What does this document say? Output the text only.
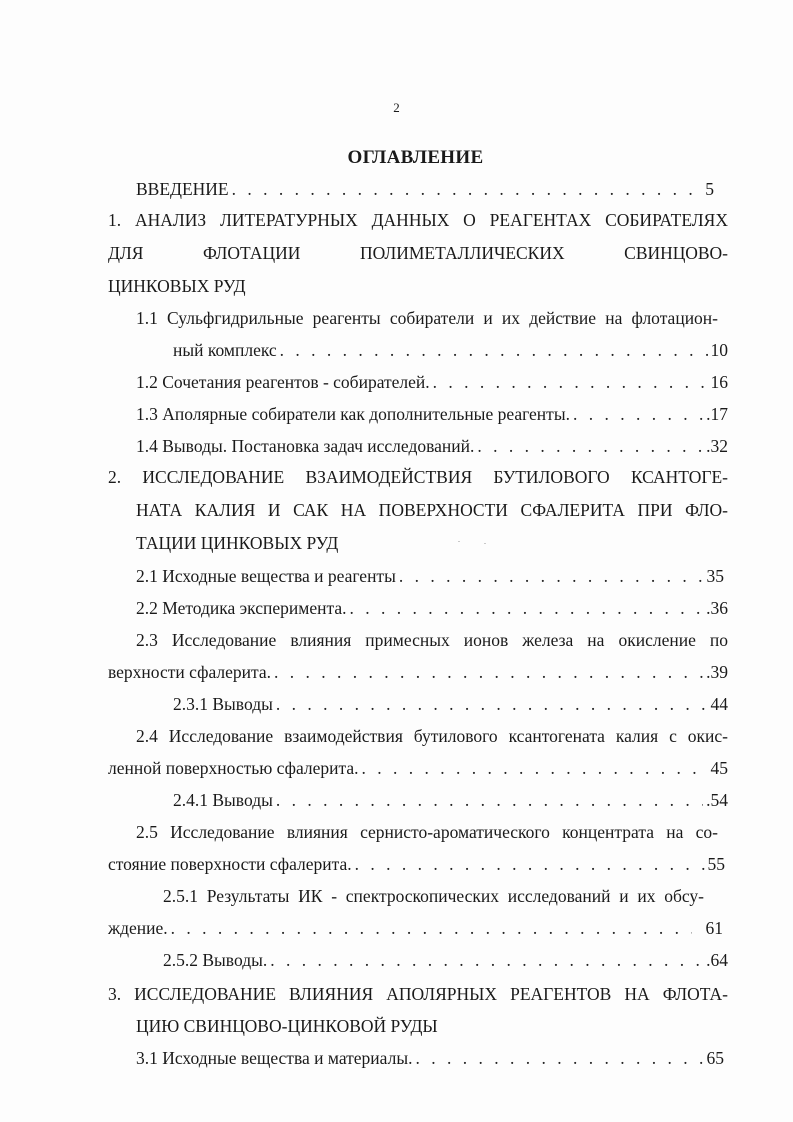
2
ОГЛАВЛЕНИЕ
ВВЕДЕНИЕ . . .	5
1. АНАЛИЗ ЛИТЕРАТУРНЫХ ДАННЫХ О РЕАГЕНТАХ СОБИРАТЕЛЯХ
ДЛЯ ФЛОТАЦИИ ПОЛИМЕТАЛЛИЧЕСКИХ СВИНЦОВО-
ЦИНКОВЫХ РУД
1.1 Сульфгидрильные реагенты собиратели и их действие на флотацион-
ный комплекс . . .	10
1.2 Сочетания реагентов - собирателей. . . .	16
1.3 Аполярные собиратели как дополнительные реагенты. . . .	.17
1.4 Выводы. Постановка задач исследований. . . .	.32
2. ИССЛЕДОВАНИЕ ВЗАИМОДЕЙСТВИЯ БУТИЛОВОГО КСАНТОГЕ-
НАТА КАЛИЯ И САК НА ПОВЕРХНОСТИ СФАЛЕРИТА ПРИ ФЛО-
ТАЦИИ ЦИНКОВЫХ РУД
2.1 Исходные вещества и реагенты . . .	35
2.2 Методика эксперимента. . . .	.36
2.3 Исследование влияния примесных ионов железа на окисление по
верхности сфалерита. . . .	.39
2.3.1 Выводы . . .	44
2.4 Исследование взаимодействия бутилового ксантогената калия с окис-
ленной поверхностью сфалерита. . . .	45
2.4.1 Выводы . . .	.54
2.5 Исследование влияния сернисто-ароматического концентрата на со-
стояние поверхности сфалерита. . . .	55
2.5.1 Результаты ИК - спектроскопических исследований и их обсу-
ждение. . . .	61
2.5.2 Выводы. . . .	.64
3. ИССЛЕДОВАНИЕ ВЛИЯНИЯ АПОЛЯРНЫХ РЕАГЕНТОВ НА ФЛОТА-
ЦИЮ СВИНЦОВО-ЦИНКОВОЙ РУДЫ
3.1 Исходные вещества и материалы. . . .	65
